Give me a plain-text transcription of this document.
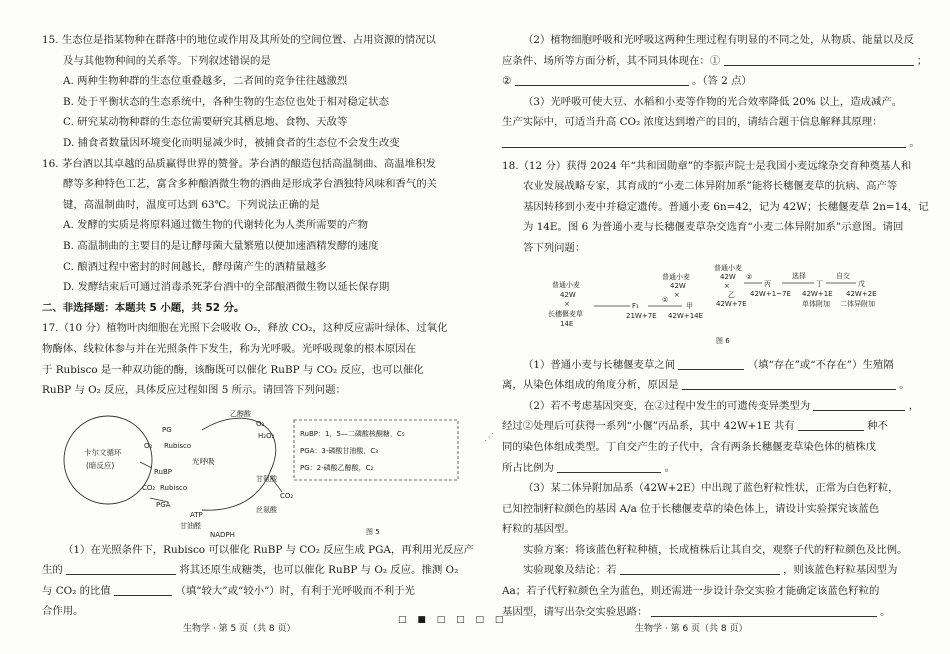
15. 生态位是指某物种在群落中的地位或作用及其所处的空间位置、占用资源的情况以
及与其他物种间的关系等。下列叙述错误的是
A. 两种生物种群的生态位重叠越多，二者间的竞争往往越激烈
B. 处于平衡状态的生态系统中，各种生物的生态位也处于相对稳定状态
C. 研究某动物种群的生态位需要研究其栖息地、食物、天敌等
D. 捕食者数量因环境变化而明显减少时，被捕食者的生态位不会发生改变
16. 茅台酒以其卓越的品质赢得世界的赞誉。茅台酒的酿造包括高温制曲、高温堆积发
酵等多种特色工艺，富含多种酿酒微生物的酒曲是形成茅台酒独特风味和香气的关
键，高温制曲时，温度可达到 63℃。下列说法正确的是
A. 发酵的实质是将原料通过微生物的代谢转化为人类所需要的产物
B. 高温制曲的主要目的是让酵母菌大量繁殖以便加速酒精发酵的速度
C. 酿酒过程中密封的时间越长，酵母菌产生的酒精量越多
D. 发酵结束后可通过消毒杀死茅台酒中的全部酿酒微生物以延长保存期
二、非选择题：本题共 5 小题，共 52 分。
17.（10 分）植物叶肉细胞在光照下会吸收 O₂，释放 CO₂，这种反应需叶绿体、过氧化
物酶体、线粒体参与并在光照条件下发生，称为光呼吸。光呼吸现象的根本原因在
于 Rubisco 是一种双功能的酶，该酶既可以催化 RuBP 与 CO₂ 反应，也可以催化
RuBP 与 O₂ 反应，具体反应过程如图 5 所示。请回答下列问题：
卡尔文循环
(暗反应)	光呼吸
PG
乙醇酸
O₂
H₂O₂
Rubisco
O₂
RuBP
CO₂ Rubisco
PGA
ATP
甘油醛
NADPH
甘氨酸
CO₂
丝氨酸
RuBP：1，5—二磷酸核酮糖，C₅
PGA：3-磷酸甘油酸，C₃
PG：2-磷酸乙醇酸，C₂
图 5
（1）在光照条件下，Rubisco 可以催化 RuBP 与 CO₂ 反应生成 PGA，再利用光反应产
生的	将其还原生成糖类，也可以催化 RuBP 与 O₂ 反应。推测 O₂
与 CO₂ 的比值	（填“较大”或“较小”）时，有利于光呼吸而不利于光
合作用。
生物学 · 第 5 页（共 8 页）
（2）植物细胞呼吸和光呼吸这两种生理过程有明显的不同之处，从物质、能量以及反
应条件、场所等方面分析，其不同具体现在：①	；
②	。（答 2 点）
（3）光呼吸可使大豆、水稻和小麦等作物的光合效率降低 20% 以上，造成减产。
生产实际中，可适当升高 CO₂ 浓度达到增产的目的，请结合题干信息解释其原理：
。
18.（12 分）获得 2024 年“共和国勋章”的李振声院士是我国小麦远缘杂交育种奠基人和
农业发展战略专家，其育成的“小麦二体异附加系”能将长穗偃麦草的抗病、高产等
基因转移到小麦中并稳定遗传。普通小麦 6n=42，记为 42W；长穗偃麦草 2n=14，记
为 14E。图 6 为普通小麦与长穗偃麦草杂交选育“小麦二体异附加系”示意图。请回
答下列问题：
普通小麦
42W
×
长穗偃麦草
14E
F₁
21W+7E
①
普通小麦
42W
×
甲
42W+14E
普通小麦
42W
×
乙
42W+7E
②
丙
42W+1~7E
选择
丁
42W+1E
单体附加
自交
戊
42W+2E
二体异附加
图 6
（1）普通小麦与长穗偃麦草之间	（填“存在”或“不存在”）生殖隔
离，从染色体组成的角度分析，原因是	。
（2）若不考虑基因突变，在②过程中发生的可遗传变异类型为	，
经过②处理后可获得一系列“小偃”丙品系，其中 42W+1E 共有	种不
同的染色体组成类型。丁自交产生的子代中，含有两条长穗偃麦草染色体的植株戊
所占比例为	。
（3）某二体异附加品系（42W+2E）中出现了蓝色籽粒性状，正常为白色籽粒，
已知控制籽粒颜色的基因 A/a 位于长穗偃麦草的染色体上，请设计实验探究该蓝色
籽粒的基因型。
实验方案：将该蓝色籽粒种植，长成植株后让其自交，观察子代的籽粒颜色及比例。
实验现象及结论：若	，则该蓝色籽粒基因型为
Aa；若子代籽粒颜色全为蓝色，则还需进一步设计杂交实验才能确定该蓝色籽粒的
基因型，请写出杂交实验思路：	。
生物学 · 第 6 页（共 8 页）
□ ■ □ □ □ □
⋰
